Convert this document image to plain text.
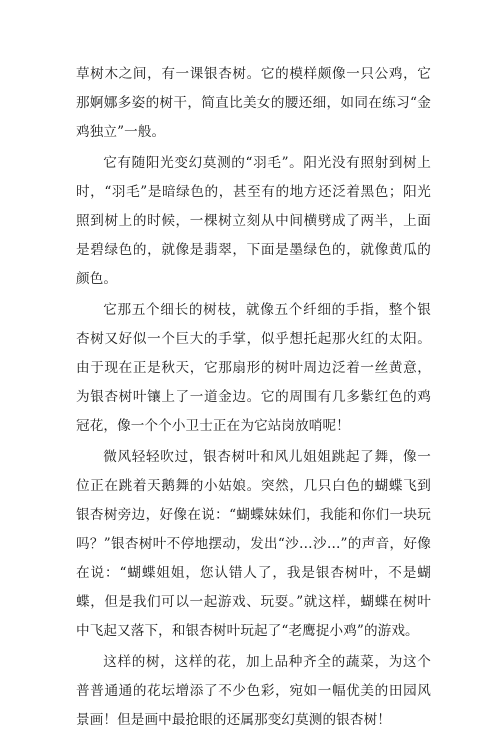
草树木之间，有一课银杏树。它的模样颇像一只公鸡，它那婀娜多姿的树干，简直比美女的腰还细，如同在练习“金鸡独立”一般。

它有随阳光变幻莫测的“羽毛”。阳光没有照射到树上时，“羽毛”是暗绿色的，甚至有的地方还泛着黑色；阳光照到树上的时候，一棵树立刻从中间横劈成了两半，上面是碧绿色的，就像是翡翠，下面是墨绿色的，就像黄瓜的颜色。

它那五个细长的树枝，就像五个纤细的手指，整个银杏树又好似一个巨大的手掌，似乎想托起那火红的太阳。由于现在正是秋天，它那扇形的树叶周边泛着一丝黄意，为银杏树叶镶上了一道金边。它的周围有几多紫红色的鸡冠花，像一个个小卫士正在为它站岗放哨呢！

微风轻轻吹过，银杏树叶和风儿姐姐跳起了舞，像一位正在跳着天鹅舞的小姑娘。突然，几只白色的蝴蝶飞到银杏树旁边，好像在说：“蝴蝶妹妹们，我能和你们一块玩吗？”银杏树叶不停地摆动，发出“沙…沙…”的声音，好像在说：“蝴蝶姐姐，您认错人了，我是银杏树叶，不是蝴蝶，但是我们可以一起游戏、玩耍。”就这样，蝴蝶在树叶中飞起又落下，和银杏树叶玩起了“老鹰捉小鸡”的游戏。

这样的树，这样的花，加上品种齐全的蔬菜，为这个普普通通的花坛增添了不少色彩，宛如一幅优美的田园风景画！但是画中最抢眼的还属那变幻莫测的银杏树！
